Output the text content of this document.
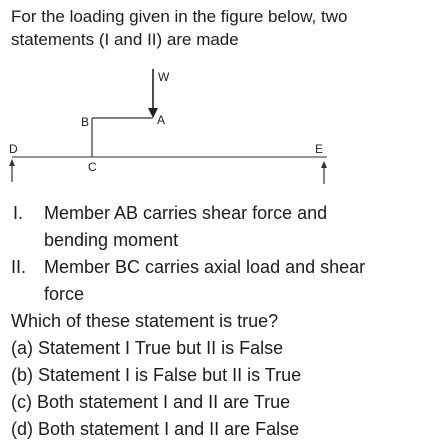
For the loading given in the figure below, two
statements (I and II) are made
W
A
B
C
D	E
I. Member AB carries shear force and
bending moment
II. Member BC carries axial load and shear
force
Which of these statement is true?
(a) Statement I True but II is False
(b) Statement I is False but II is True
(c) Both statement I and II are True
(d) Both statement I and II are False
